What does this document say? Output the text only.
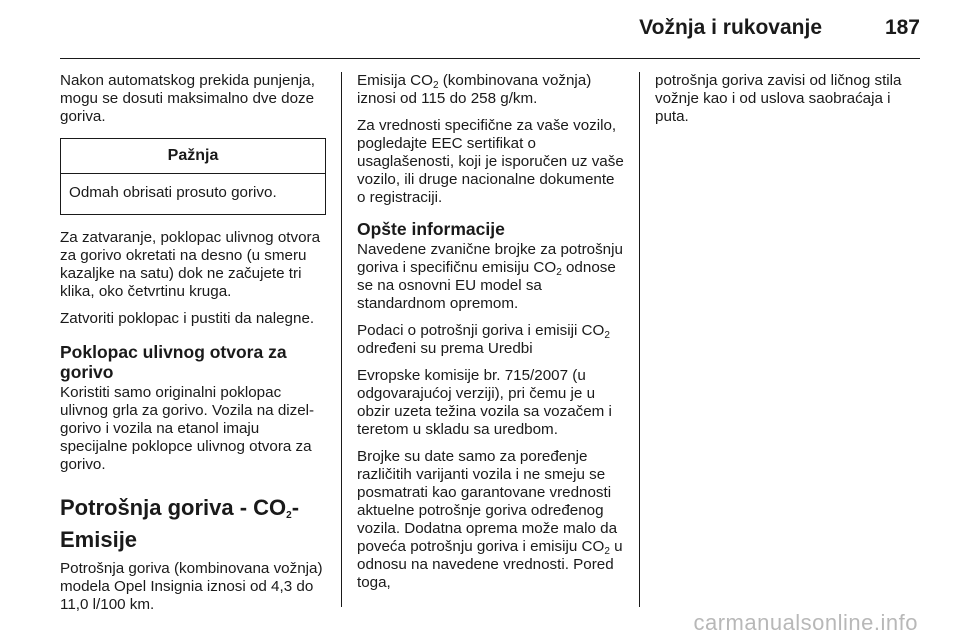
Vožnja i rukovanje	187

Nakon automatskog prekida punjenja, mogu se dosuti maksimalno dve doze goriva.

Pažnja
Odmah obrisati prosuto gorivo.

Za zatvaranje, poklopac ulivnog otvora za gorivo okretati na desno (u smeru kazaljke na satu) dok ne začujete tri klika, oko četvrtinu kruga.

Zatvoriti poklopac i pustiti da nalegne.

Poklopac ulivnog otvora za gorivo

Koristiti samo originalni poklopac ulivnog grla za gorivo. Vozila na dizel-gorivo i vozila na etanol imaju specijalne poklopce ulivnog otvora za gorivo.

Potrošnja goriva - $CO_2$-Emisije

Potrošnja goriva (kombinovana vožnja) modela Opel Insignia iznosi od 4,3 do 11,0 l/100 km.

Emisija $CO_2$ (kombinovana vožnja) iznosi od 115 do 258 g/km.

Za vrednosti specifične za vaše vozilo, pogledajte EEC sertifikat o usaglašenosti, koji je isporučen uz vaše vozilo, ili druge nacionalne dokumente o registraciji.

Opšte informacije

Navedene zvanične brojke za potrošnju goriva i specifičnu emisiju $CO_2$ odnose se na osnovni EU model sa standardnom opremom.

Podaci o potrošnji goriva i emisiji $CO_2$ određeni su prema Uredbi

Evropske komisije br. 715/2007 (u odgovarajućoj verziji), pri čemu je u obzir uzeta težina vozila sa vozačem i teretom u skladu sa uredbom.

Brojke su date samo za poređenje različitih varijanti vozila i ne smeju se posmatrati kao garantovane vrednosti aktuelne potrošnje goriva određenog vozila. Dodatna oprema može malo da poveća potrošnju goriva i emisiju $CO_2$ u odnosu na navedene vrednosti. Pored toga,

potrošnja goriva zavisi od ličnog stila vožnje kao i od uslova saobraćaja i puta.

carmanualsonline.info
